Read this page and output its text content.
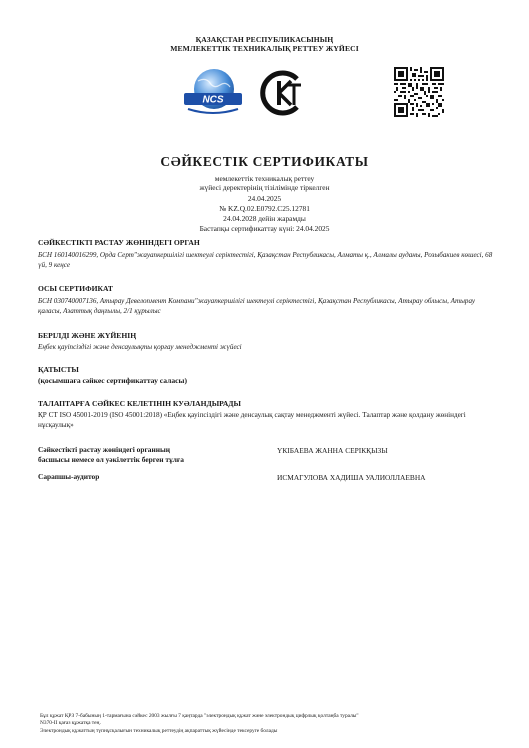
ҚАЗАҚСТАН РЕСПУБЛИКАСЫНЫҢ
МЕМЛЕКЕТТІК ТЕХНИКАЛЫҚ РЕТТЕУ ЖҮЙЕСІ
NCS
СӘЙКЕСТІК СЕРТИФИКАТЫ
мемлекеттік техникалық реттеу
жүйесі деректерінің тізілімінде тіркелген
24.04.2025
№ KZ.Q.02.E0792.С25.12781
24.04.2028 дейін жарамды
Бастапқы сертификаттау күні: 24.04.2025
СӘЙКЕСТІКТІ РАСТАУ ЖӨНІНДЕГІ ОРГАН
БСН 160140016299, Орда Серт"жауапкершілігі шектеулі серіктестігі, Қазақстан Республикасы, Алматы қ., Алмалы ауданы, Розыбакиев көшесі, 68 үй, 9 кеңсе
ОСЫ СЕРТИФИКАТ
БСН 030740007136, Атырау Девелопмент Компани"жауапкершілігі шектеулі серіктестігі, Қазақстан Республикасы, Атырау облысы, Атырау қаласы, Азаттық даңғылы, 2/1 құрылыс
БЕРІЛДІ ЖӘНЕ ЖҮЙЕНІҢ
Еңбек қауіпсіздігі және денсаулықты қорғау менеджменті жүйесі
ҚАТЫСТЫ
(қосымшаға сәйкес сертификаттау саласы)
ТАЛАПТАРҒА СӘЙКЕС КЕЛЕТІНІН КУӘЛАНДЫРАДЫ
ҚР СТ ISO 45001-2019 (ISO 45001:2018) «Еңбек қауіпсіздігі және денсаулық сақтау менеджменті жүйесі. Талаптар және қолдану жөніндегі нұсқаулық»
Сәйкестікті растау жөніндегі органның
басшысы немесе ол уәкілеттік берген тұлға
ҮКІБАЕВА ЖАННА СЕРІКҚЫЗЫ
Сарапшы-аудитор	ИСМАГУЛОВА ХАДИША УАЛИОЛЛАЕВНА
Бұл құжат ҚРЗ 7-бабының 1-тармағына сәйкес 2003 жылғы 7 қаңтарда "электрондық құжат және электрондық цифрлық қолтаңба туралы"
N370-II қағаз құжатқа тең.
Электрондық құжаттың түпнұсқалығын техникалық реттеудің ақпараттық жүйесінде тексеруге болады
